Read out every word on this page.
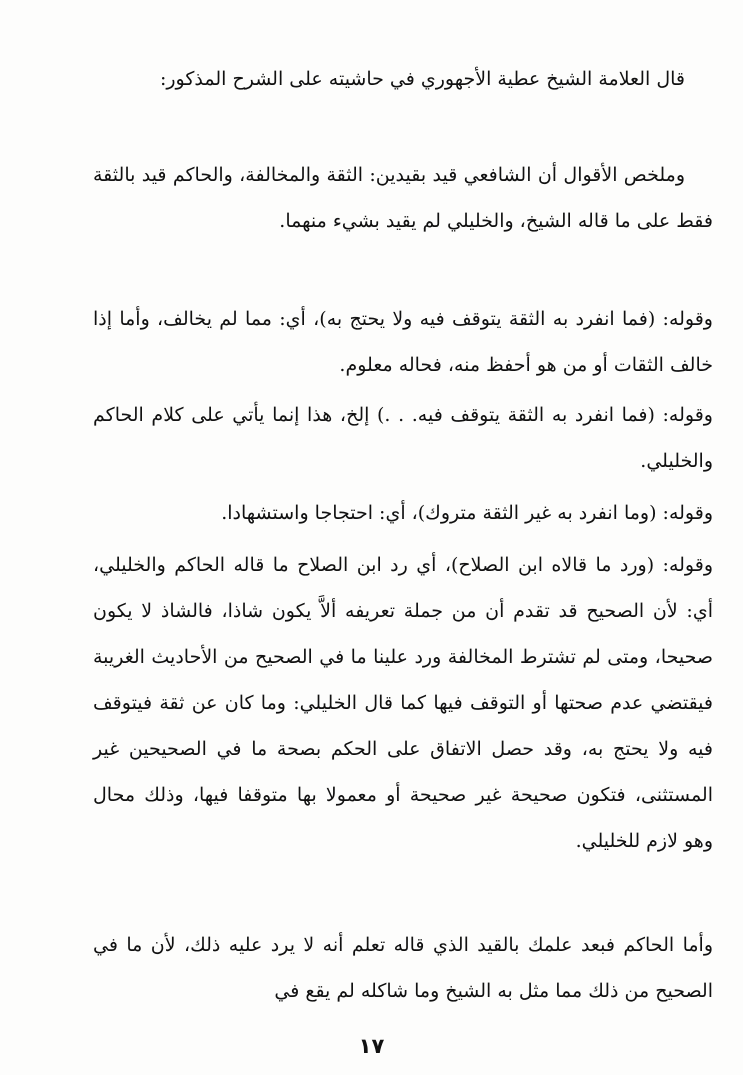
قال العلامة الشيخ عطية الأجهوري في حاشيته على الشرح المذكور:

وملخص الأقوال أن الشافعي قيد بقيدين: الثقة والمخالفة، والحاكم قيد بالثقة فقط على ما قاله الشيخ، والخليلي لم يقيد بشيء منهما.

وقوله: (فما انفرد به الثقة يتوقف فيه ولا يحتج به)، أي: مما لم يخالف، وأما إذا خالف الثقات أو من هو أحفظ منه، فحاله معلوم.

وقوله: (فما انفرد به الثقة يتوقف فيه. . .) إلخ، هذا إنما يأتي على كلام الحاكم والخليلي.

وقوله: (وما انفرد به غير الثقة متروك)، أي: احتجاجا واستشهادا.

وقوله: (ورد ما قالاه ابن الصلاح)، أي رد ابن الصلاح ما قاله الحاكم والخليلي، أي: لأن الصحيح قد تقدم أن من جملة تعريفه ألاَّ يكون شاذا، فالشاذ لا يكون صحيحا، ومتى لم تشترط المخالفة ورد علينا ما في الصحيح من الأحاديث الغريبة فيقتضي عدم صحتها أو التوقف فيها كما قال الخليلي: وما كان عن ثقة فيتوقف فيه ولا يحتج به، وقد حصل الاتفاق على الحكم بصحة ما في الصحيحين غير المستثنى، فتكون صحيحة غير صحيحة أو معمولا بها متوقفا فيها، وذلك محال وهو لازم للخليلي.

وأما الحاكم فبعد علمك بالقيد الذي قاله تعلم أنه لا يرد عليه ذلك، لأن ما في الصحيح من ذلك مما مثل به الشيخ وما شاكله لم يقع في

١٧
